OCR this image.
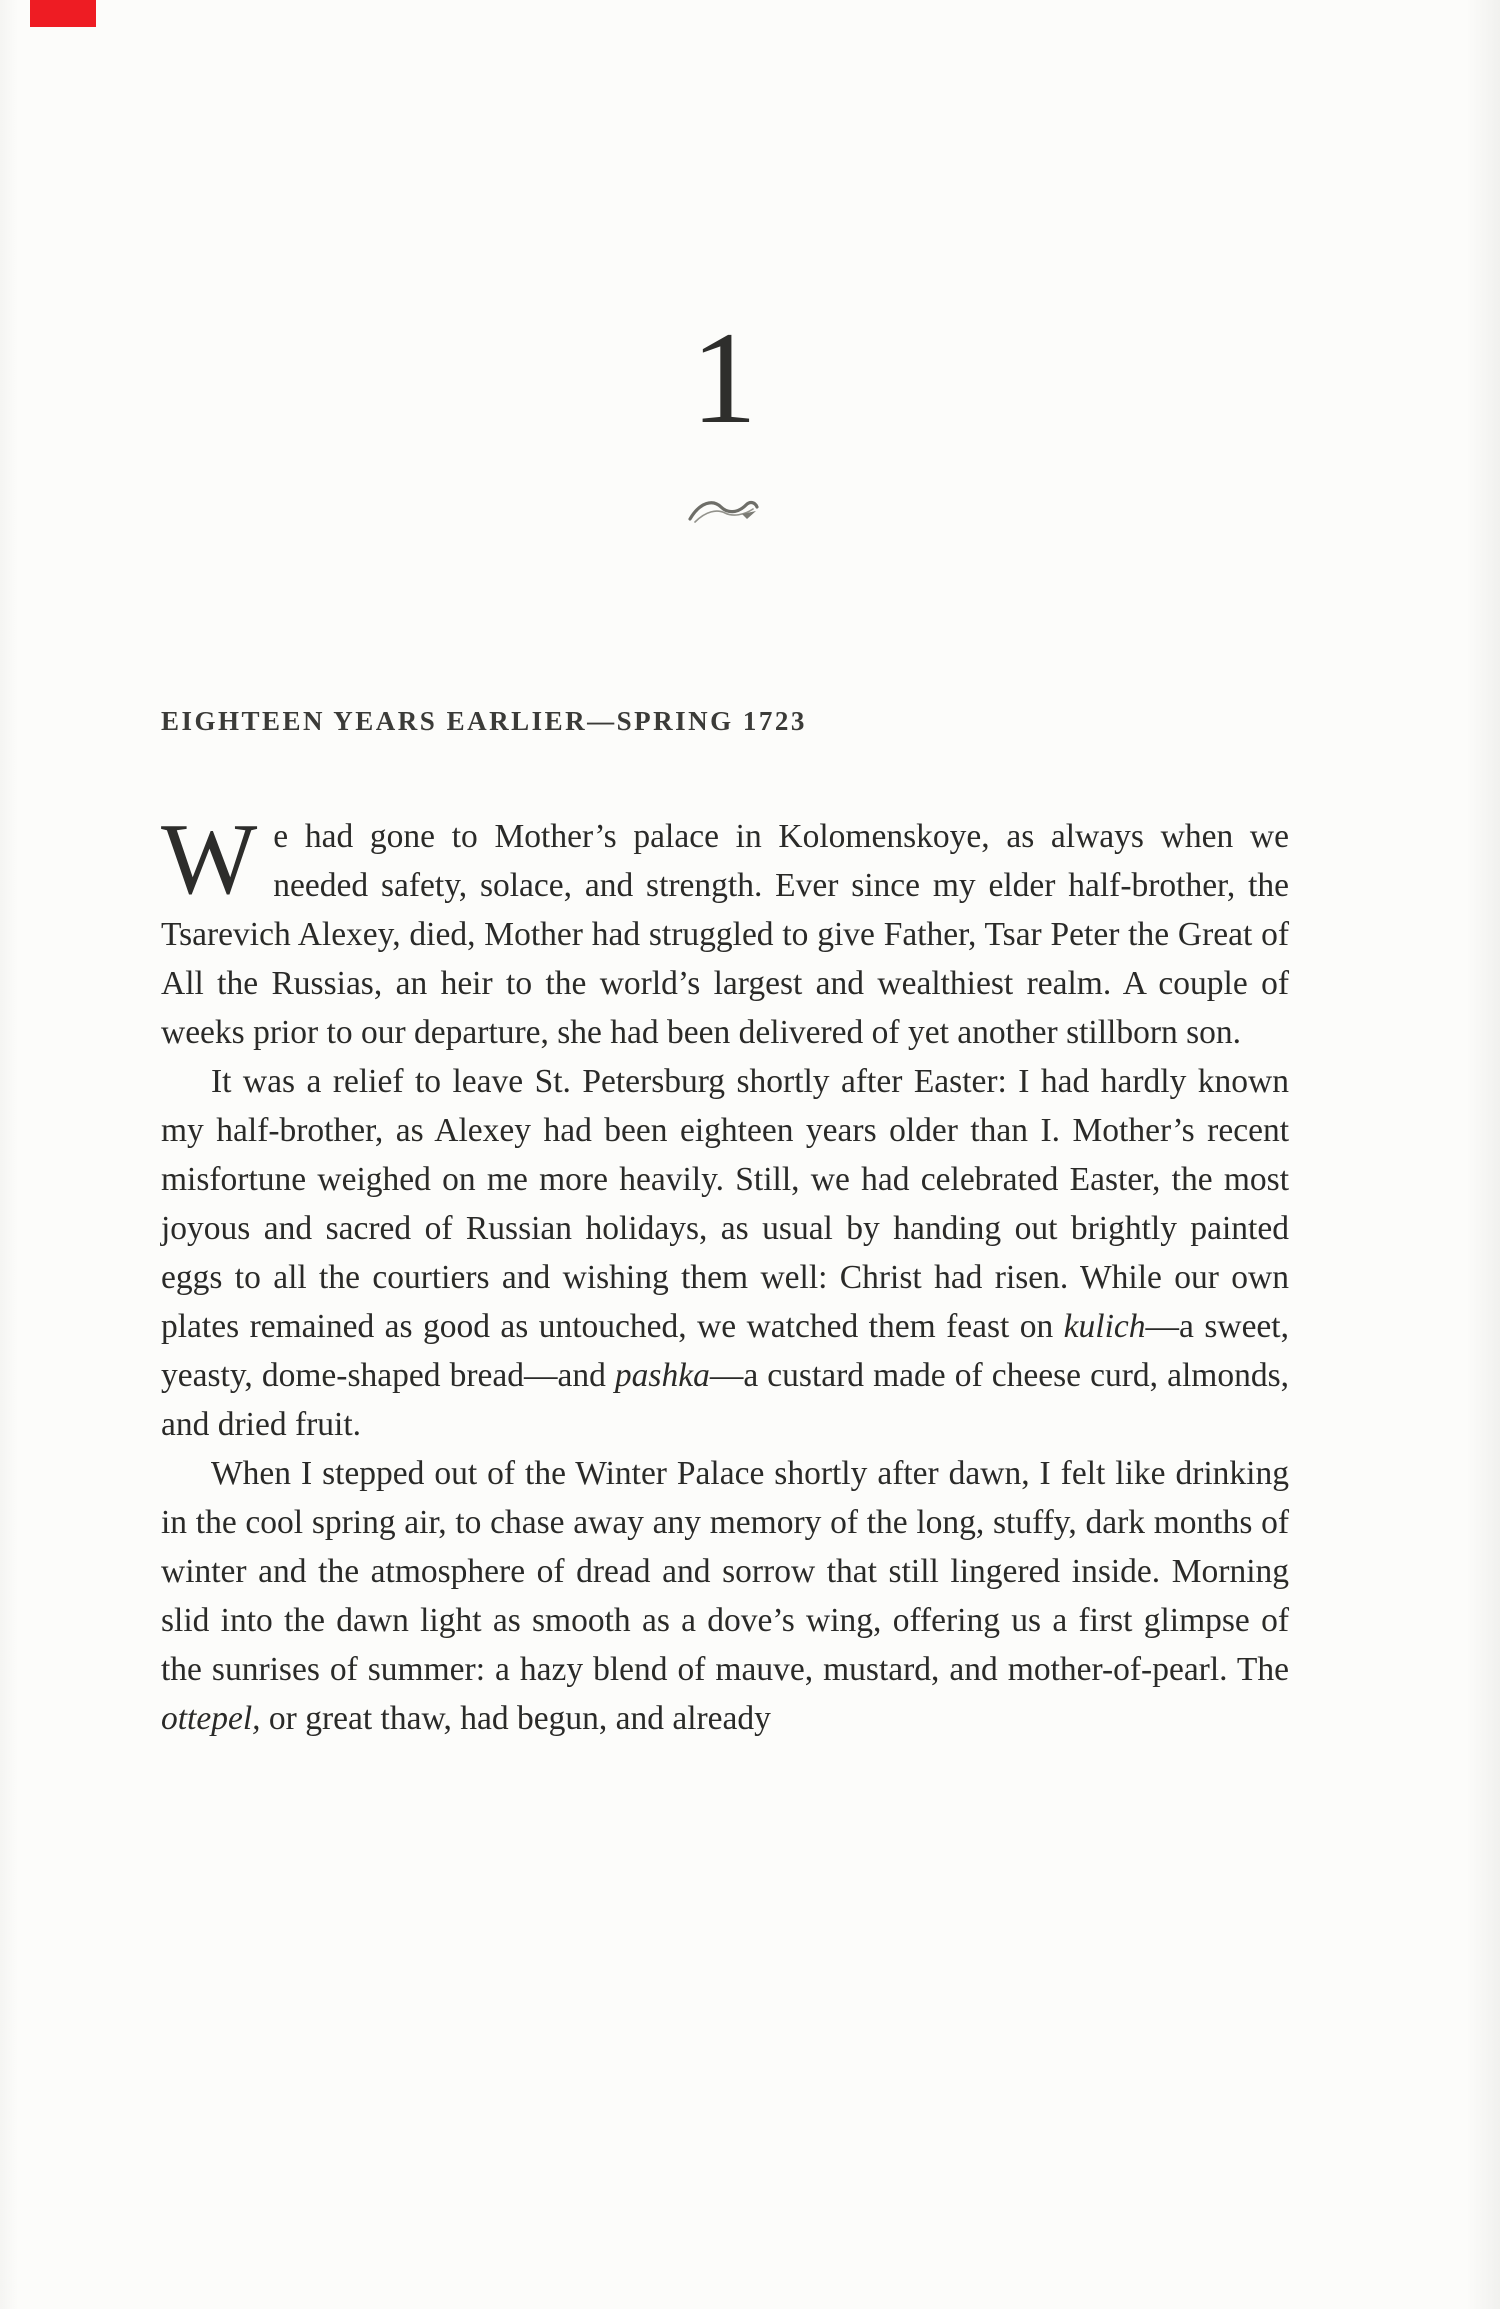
1
EIGHTEEN YEARS EARLIER—SPRING 1723

We had gone to Mother’s palace in Kolomenskoye, as always when we needed safety, solace, and strength. Ever since my elder half-brother, the Tsarevich Alexey, died, Mother had struggled to give Father, Tsar Peter the Great of All the Russias, an heir to the world’s largest and wealthiest realm. A couple of weeks prior to our departure, she had been delivered of yet another stillborn son.

It was a relief to leave St. Petersburg shortly after Easter: I had hardly known my half-brother, as Alexey had been eighteen years older than I. Mother’s recent misfortune weighed on me more heavily. Still, we had celebrated Easter, the most joyous and sacred of Russian holidays, as usual by handing out brightly painted eggs to all the courtiers and wishing them well: Christ had risen. While our own plates remained as good as untouched, we watched them feast on kulich—a sweet, yeasty, dome-shaped bread—and pashka—a custard made of cheese curd, almonds, and dried fruit.

When I stepped out of the Winter Palace shortly after dawn, I felt like drinking in the cool spring air, to chase away any memory of the long, stuffy, dark months of winter and the atmosphere of dread and sorrow that still lingered inside. Morning slid into the dawn light as smooth as a dove’s wing, offering us a first glimpse of the sunrises of summer: a hazy blend of mauve, mustard, and mother-of-pearl. The ottepel, or great thaw, had begun, and already
